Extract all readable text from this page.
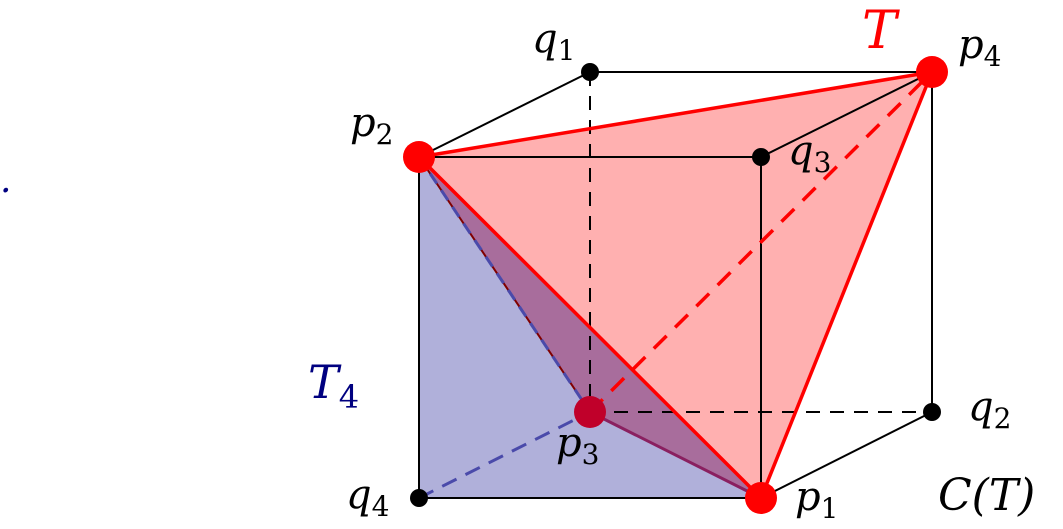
.
T
$T_4$
C(T)
$q_1$	$p_4$
$p_2$	$q_3$
$q_2$
$p_3$
$q_4$	$p_1$
